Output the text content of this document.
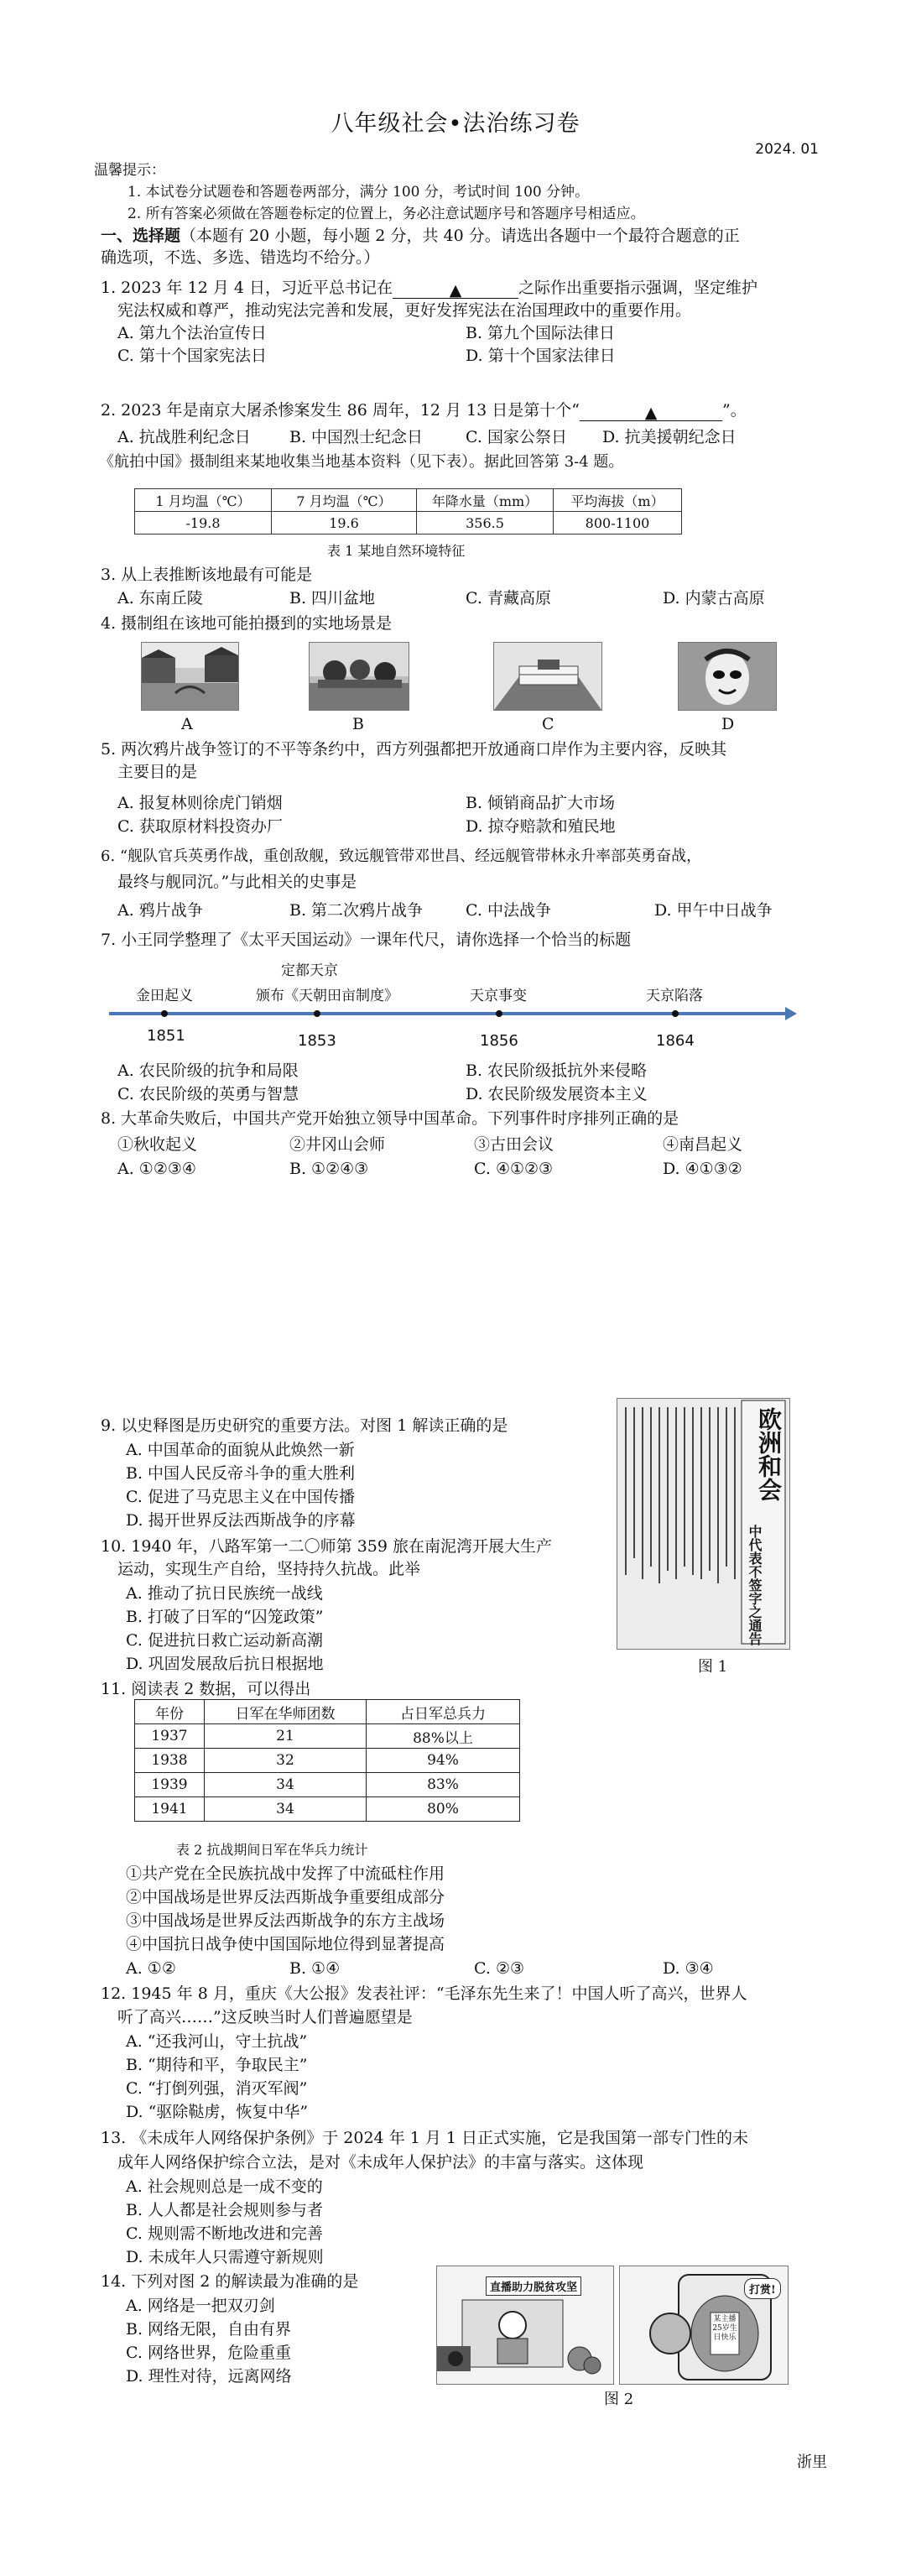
八年级社会•法治练习卷
2024. 01
温馨提示：
1. 本试卷分试题卷和答题卷两部分，满分 100 分，考试时间 100 分钟。
2. 所有答案必须做在答题卷标定的位置上，务必注意试题序号和答题序号相适应。
一、选择题（本题有 20 小题，每小题 2 分，共 40 分。请选出各题中一个最符合题意的正
确选项，不选、多选、错选均不给分。）
1. 2023 年 12 月 4 日，习近平总书记在	▲	之际作出重要指示强调，坚定维护
宪法权威和尊严，推动宪法完善和发展，更好发挥宪法在治国理政中的重要作用。
A. 第九个法治宣传日	B. 第九个国际法律日
C. 第十个国家宪法日	D. 第十个国家法律日
2. 2023 年是南京大屠杀惨案发生 86 周年，12 月 13 日是第十个“	▲	”。
A. 抗战胜利纪念日 B. 中国烈士纪念日	C. 国家公祭日 D. 抗美援朝纪念日
《航拍中国》摄制组来某地收集当地基本资料（见下表）。据此回答第 3-4 题。
1 月均温（℃）	7 月均温（℃）	年降水量（mm）	平均海拔（m）
-19.8	19.6	356.5	800-1100
表 1 某地自然环境特征
3. 从上表推断该地最有可能是
A. 东南丘陵	B. 四川盆地	C. 青藏高原	D. 内蒙古高原
4. 摄制组在该地可能拍摄到的实地场景是
A	B	C	D
5. 两次鸦片战争签订的不平等条约中，西方列强都把开放通商口岸作为主要内容，反映其
主要目的是
A. 报复林则徐虎门销烟	B. 倾销商品扩大市场
C. 获取原材料投资办厂	D. 掠夺赔款和殖民地
6. “舰队官兵英勇作战，重创敌舰，致远舰管带邓世昌、经远舰管带林永升率部英勇奋战，
最终与舰同沉。”与此相关的史事是
A. 鸦片战争	B. 第二次鸦片战争	C. 中法战争	D. 甲午中日战争
7. 小王同学整理了《太平天国运动》一课年代尺，请你选择一个恰当的标题
定都天京
金田起义	颁布《天朝田亩制度》	天京事变	天京陷落
1851	1853	1856	1864
A. 农民阶级的抗争和局限	B. 农民阶级抵抗外来侵略
C. 农民阶级的英勇与智慧	D. 农民阶级发展资本主义
8. 大革命失败后，中国共产党开始独立领导中国革命。下列事件时序排列正确的是
①秋收起义	②井冈山会师	③古田会议	④南昌起义
A. ①②③④	B. ①②④③	C. ④①②③	D. ④①③②
9. 以史释图是历史研究的重要方法。对图 1 解读正确的是
A. 中国革命的面貌从此焕然一新
B. 中国人民反帝斗争的重大胜利
C. 促进了马克思主义在中国传播
D. 揭开世界反法西斯战争的序幕
欧洲和会
中代表不签字之通告
图 1
10. 1940 年，八路军第一二〇师第 359 旅在南泥湾开展大生产
运动，实现生产自给，坚持持久抗战。此举
A. 推动了抗日民族统一战线
B. 打破了日军的“囚笼政策”
C. 促进抗日救亡运动新高潮
D. 巩固发展敌后抗日根据地
11. 阅读表 2 数据，可以得出
年份	日军在华师团数	占日军总兵力
1937	21	88%以上
1938	32	94%
1939	34	83%
1941	34	80%
表 2 抗战期间日军在华兵力统计
①共产党在全民族抗战中发挥了中流砥柱作用
②中国战场是世界反法西斯战争重要组成部分
③中国战场是世界反法西斯战争的东方主战场
④中国抗日战争使中国国际地位得到显著提高
A. ①②	B. ①④	C. ②③	D. ③④
12. 1945 年 8 月，重庆《大公报》发表社评：“毛泽东先生来了！中国人听了高兴，世界人
听了高兴……”这反映当时人们普遍愿望是
A. “还我河山，守土抗战”
B. “期待和平，争取民主”
C. “打倒列强，消灭军阀”
D. “驱除鞑虏，恢复中华”
13. 《未成年人网络保护条例》于 2024 年 1 月 1 日正式实施，它是我国第一部专门性的未
成年人网络保护综合立法，是对《未成年人保护法》的丰富与落实。这体现
A. 社会规则总是一成不变的
B. 人人都是社会规则参与者
C. 规则需不断地改进和完善
D. 未成年人只需遵守新规则
14. 下列对图 2 的解读最为准确的是
A. 网络是一把双刃剑
B. 网络无限，自由有界
C. 网络世界，危险重重
D. 理性对待，远离网络
直播助力脱贫攻坚	打赏!
某主播25岁生日快乐
图 2
浙里
